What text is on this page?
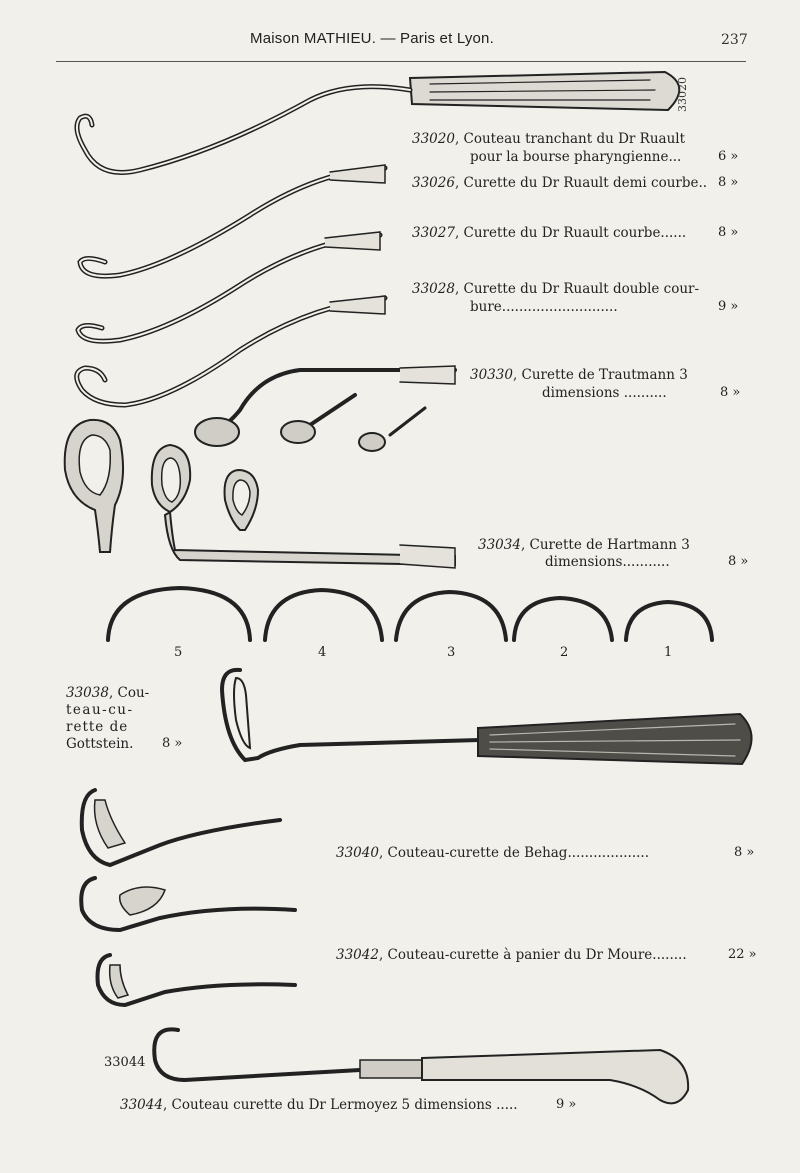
Maison MATHIEU. — Paris et Lyon.	237
33020
33020, Couteau tranchant du Dr Ruault
pour la bourse pharyngienne...	6 »
33026, Curette du Dr Ruault demi courbe.. 8 »
33027, Curette du Dr Ruault courbe...... 8 »
33028, Curette du Dr Ruault double cour-
bure...........................	9 »
30330, Curette de Trautmann 3
dimensions ..........	8 »
33034, Curette de Hartmann 3
dimensions...........	8 »
5	4	3	2	1
33038, Cou-
teau-cu-
rette de
Gottstein. 8 »
33040, Couteau-curette de Behag...................	8 »
33042, Couteau-curette à panier du Dr Moure........	22 »
33044
33044, Couteau curette du Dr Lermoyez 5 dimensions .....	9 »
